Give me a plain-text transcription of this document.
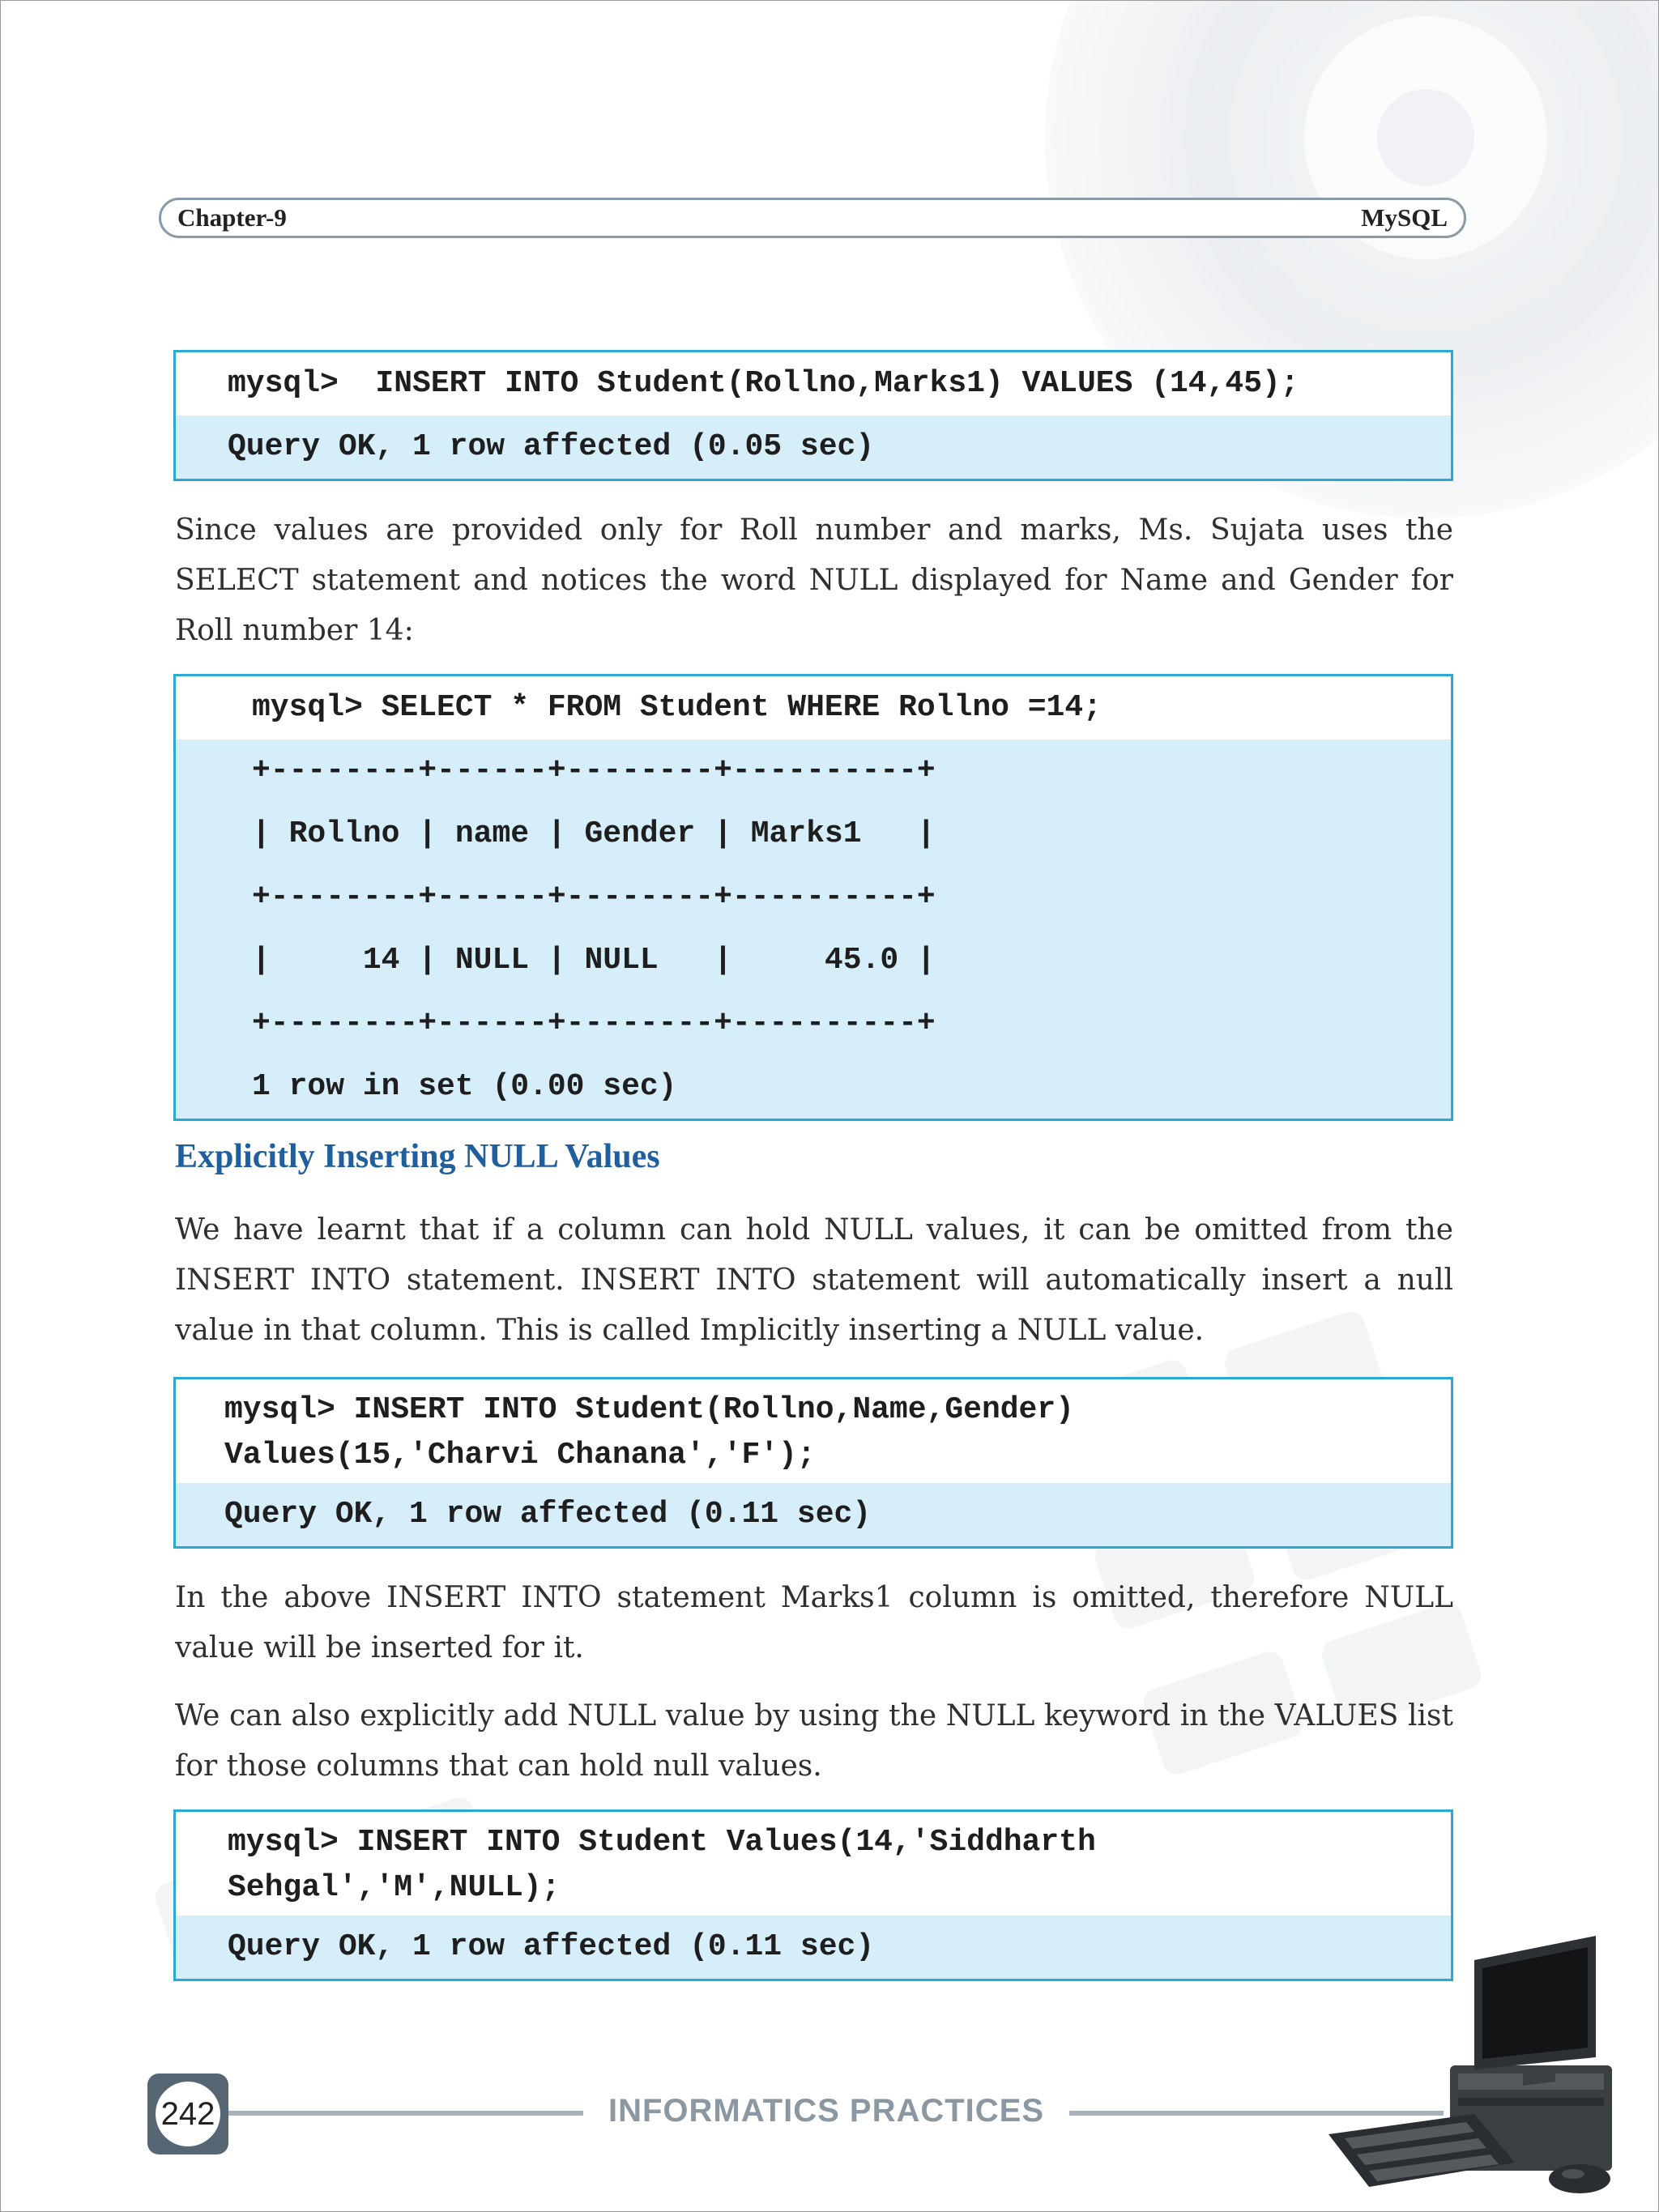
Chapter-9	MySQL
mysql>  INSERT INTO Student(Rollno,Marks1) VALUES (14,45);
Query OK, 1 row affected (0.05 sec)
Since values are provided only for Roll number and marks, Ms. Sujata uses the SELECT statement and notices the word NULL displayed for Name and Gender for Roll number 14:
mysql> SELECT * FROM Student WHERE Rollno =14;
+--------+------+--------+----------+
| Rollno | name | Gender | Marks1   |
+--------+------+--------+----------+
|     14 | NULL | NULL   |     45.0 |
+--------+------+--------+----------+
1 row in set (0.00 sec)
Explicitly Inserting NULL Values
We have learnt that if a column can hold NULL values, it can be omitted from the INSERT INTO statement. INSERT INTO statement will automatically insert a null value in that column. This is called Implicitly inserting a NULL value.
mysql> INSERT INTO Student(Rollno,Name,Gender)
Values(15,'Charvi Chanana','F');
Query OK, 1 row affected (0.11 sec)
In the above INSERT INTO statement Marks1 column is omitted, therefore NULL value will be inserted for it.
We can also explicitly add NULL value by using the NULL keyword in the VALUES list for those columns that can hold null values.
mysql> INSERT INTO Student Values(14,'Siddharth
Sehgal','M',NULL);
Query OK, 1 row affected (0.11 sec)
INFORMATICS PRACTICES
242
